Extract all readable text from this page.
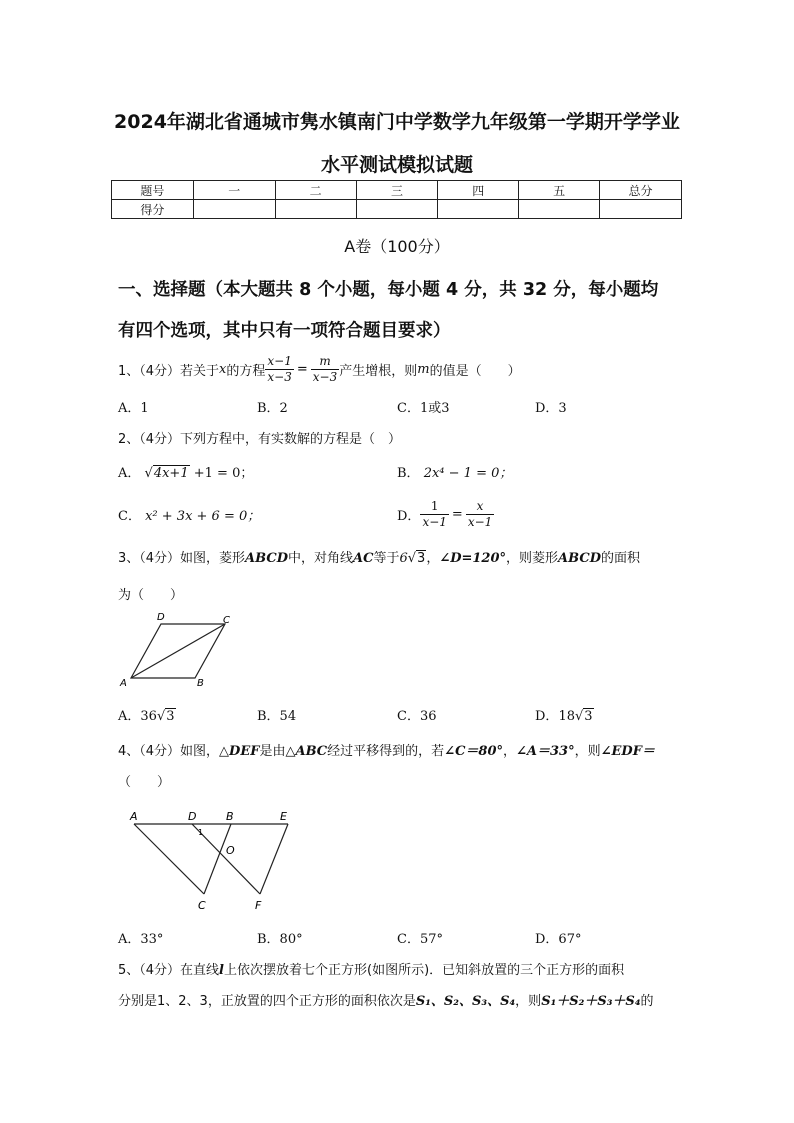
2024年湖北省通城市隽水镇南门中学数学九年级第一学期开学学业
水平测试模拟试题
题号	一	二	三	四	五	总分
得分						
A卷（100分）
一、选择题（本大题共 8 个小题，每小题 4 分，共 32 分，每小题均
有四个选项，其中只有一项符合题目要求）
1、（4分）若关于 x 的方程 $\frac{x-1}{x-3} = \frac{m}{x-3}$ 产生增根，则 m 的值是（　　）
A．1	B．2	C．1或3	D．3
2、（4分）下列方程中，有实数解的方程是（　）
A． √4x+1 +1 = 0；	B． 2x⁴ − 1 = 0；
C． x² + 3x + 6 = 0；	D． $\frac{1}{x-1} = \frac{x}{x-1}$
3、（4分）如图，菱形ABCD中，对角线AC等于6√3，∠D=120°，则菱形ABCD的面积
为（　　）
A	B
C
D
A．36√3	B．54	C．36	D．18√3
4、（4分）如图，△DEF是由△ABC经过平移得到的，若∠C＝80°，∠A＝33°，则∠EDF＝
（　　）
A	D	B	E
O
C	F
1
A．33°	B．80°	C．57°	D．67°
5、（4分）在直线l上依次摆放着七个正方形(如图所示)．已知斜放置的三个正方形的面积
分别是1、2、3，正放置的四个正方形的面积依次是S₁、S₂、S₃、S₄，则S₁＋S₂＋S₃＋S₄的
